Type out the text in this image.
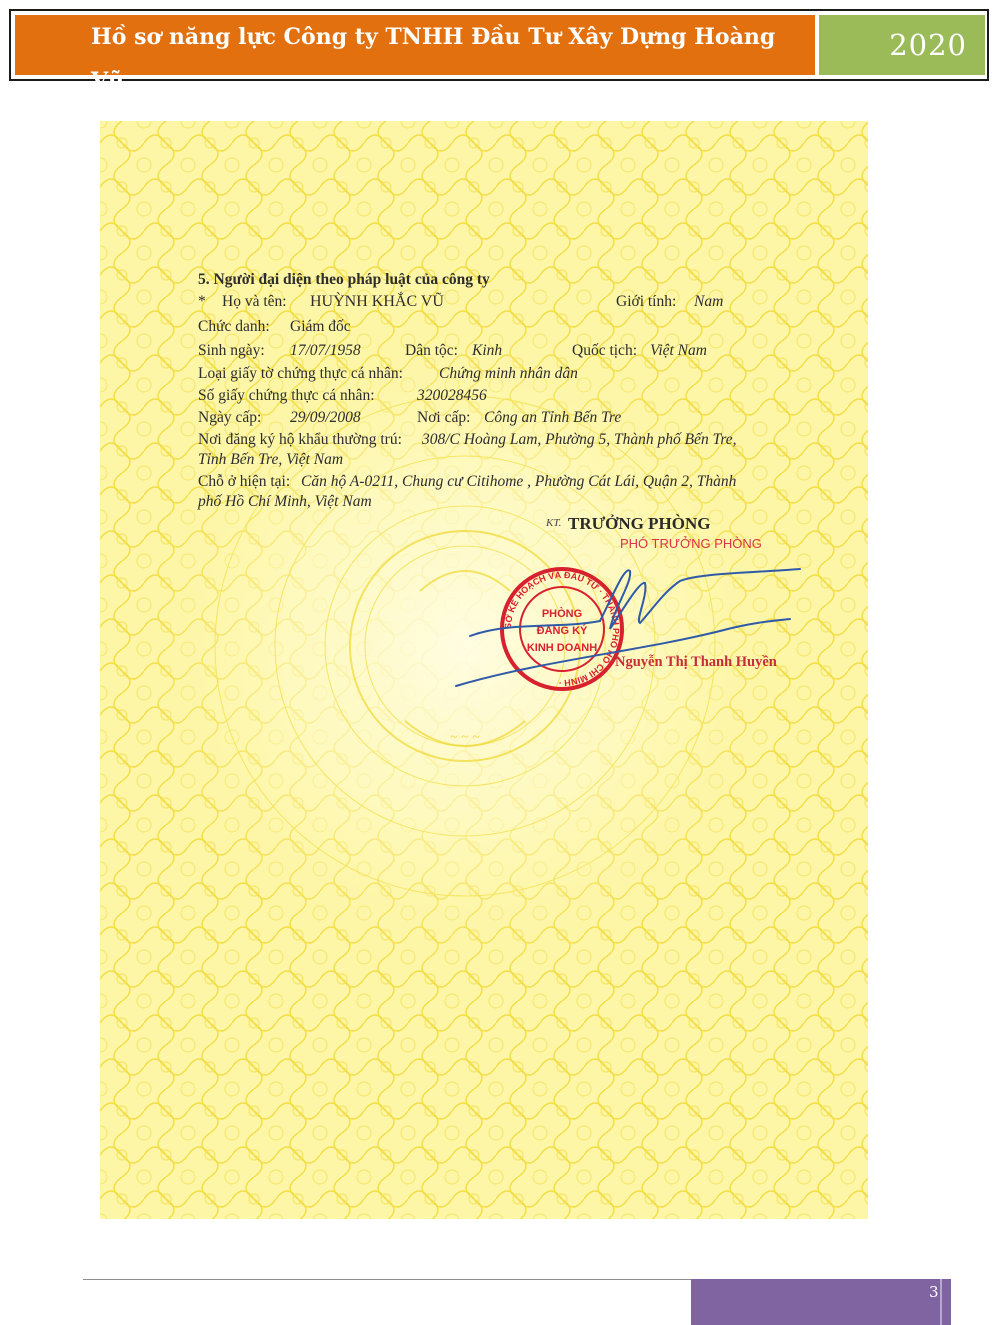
Hồ sơ năng lực Công ty TNHH Đầu Tư Xây Dựng Hoàng Vũ
2020
~ ~ ~
5. Người đại diện theo pháp luật của công ty
* Họ và tên: HUỲNH KHẮC VŨ	Giới tính: Nam
Chức danh: Giám đốc
Sinh ngày: 17/07/1958	Dân tộc: Kinh	Quốc tịch: Việt Nam
Loại giấy tờ chứng thực cá nhân: Chứng minh nhân dân
Số giấy chứng thực cá nhân:	320028456
Ngày cấp: 29/09/2008	Nơi cấp: Công an Tỉnh Bến Tre
Nơi đăng ký hộ khẩu thường trú: 308/C Hoàng Lam, Phường 5, Thành phố Bến Tre,
Tỉnh Bến Tre, Việt Nam
Chỗ ở hiện tại: Căn hộ A-0211, Chung cư Citihome , Phường Cát Lái, Quận 2, Thành
phố Hồ Chí Minh, Việt Nam
KT. TRƯỞNG PHÒNG
PHÓ TRƯỞNG PHÒNG
SỞ KẾ HOẠCH VÀ ĐẦU TƯ · THÀNH PHỐ HỒ CHÍ MINH ·
PHÒNG
ĐĂNG KÝ
KINH DOANH
Nguyễn Thị Thanh Huyền
3
